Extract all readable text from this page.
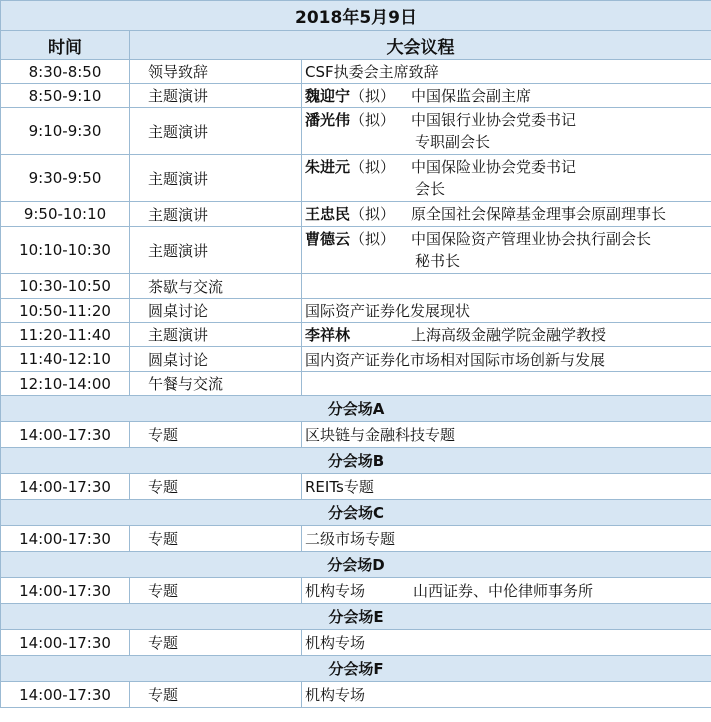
2018年5月9日		
时间	大会议程	
8:30-8:50	领导致辞	CSF执委会主席致辞
8:50-9:10	主题演讲	魏迎宁（拟） 中国保监会副主席

9:10-9:30	主题演讲	潘光伟（拟） 中国银行业协会党委书记
专职副会长

9:30-9:50	主题演讲	朱进元（拟） 中国保险业协会党委书记
会长

9:50-10:10	主题演讲	王忠民（拟） 原全国社会保障基金理事会原副理事长

10:10-10:30	主题演讲	曹德云（拟） 中国保险资产管理业协会执行副会长
秘书长

10:30-10:50	茶歇与交流	
10:50-11:20	圆桌讨论	国际资产证券化发展现状
11:20-11:40	主题演讲	李祥林 上海高级金融学院金融学教授

11:40-12:10	圆桌讨论	国内资产证券化市场相对国际市场创新与发展
12:10-14:00	午餐与交流	
分会场A		
14:00-17:30	专题	区块链与金融科技专题
分会场B		
14:00-17:30	专题	REITs专题
分会场C		
14:00-17:30	专题	二级市场专题
分会场D		
14:00-17:30	专题	机构专场 山西证券、中伦律师事务所

分会场E		
14:00-17:30	专题	机构专场
分会场F		
14:00-17:30	专题	机构专场
